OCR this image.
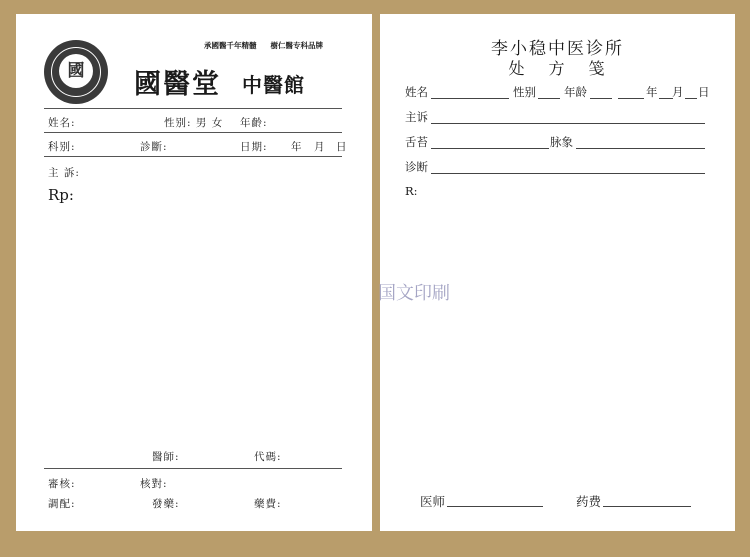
國
承國醫千年精髓 樹仁醫专科品牌
國醫堂 中醫館
姓名:	性别: 男 女 年齡:
科别:	診斷:	日期: 年 月 日
主 訴:
Rp:
醫師:	代碼:
審核:	核對:
調配:	發藥:	藥費:
李小稳中医诊所
处 方 笺
姓名	性别 年龄	年 月 日
主诉
舌苔	脉象
诊断
R:
医师	药费
国文印刷
